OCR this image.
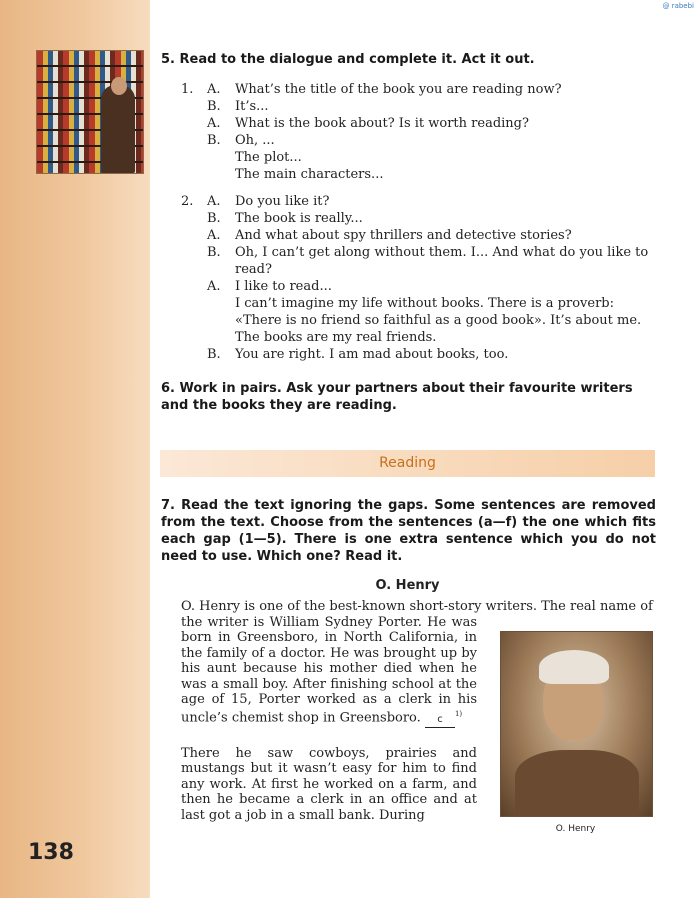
@ rabebi
5. Read to the dialogue and complete it. Act it out.
1.	A.	What’s the title of the book you are reading now?
B.	It’s...
A.	What is the book about? Is it worth reading?
B.	Oh, ...
The plot...
The main characters...
2.	A.	Do you like it?
B.	The book is really...
A.	And what about spy thrillers and detective stories?
B.	Oh, I can’t get along without them. I... And what do you like to read?
A.	I like to read...
I can’t imagine my life without books. There is a proverb: «There is no friend so faithful as a good book». It’s about me. The books are my real friends.
B.	You are right. I am mad about books, too.
6. Work in pairs. Ask your partners about their favourite writers and the books they are reading.
Reading
7. Read the text ignoring the gaps. Some sentences are removed from the text. Choose from the sentences (a—f) the one which fits each gap (1—5). There is one extra sentence which you do not need to use. Which one? Read it.
O. Henry

O. Henry is one of the best-known short-story writers. The real name of

the writer is William Sydney Porter. He was born in Greensboro, in North California, in the family of a doctor. He was brought up by his aunt because his mother died when he was a small boy. After finishing school at the age of 15, Porter worked as a clerk in his uncle’s chemist shop in Greensboro. c $^{1)}$

There he saw cowboys, prairies and mustangs but it wasn’t easy for him to find any work. At first he worked on a farm, and then he became a clerk in an office and at last got a job in a small bank. During

O. Henry
138
